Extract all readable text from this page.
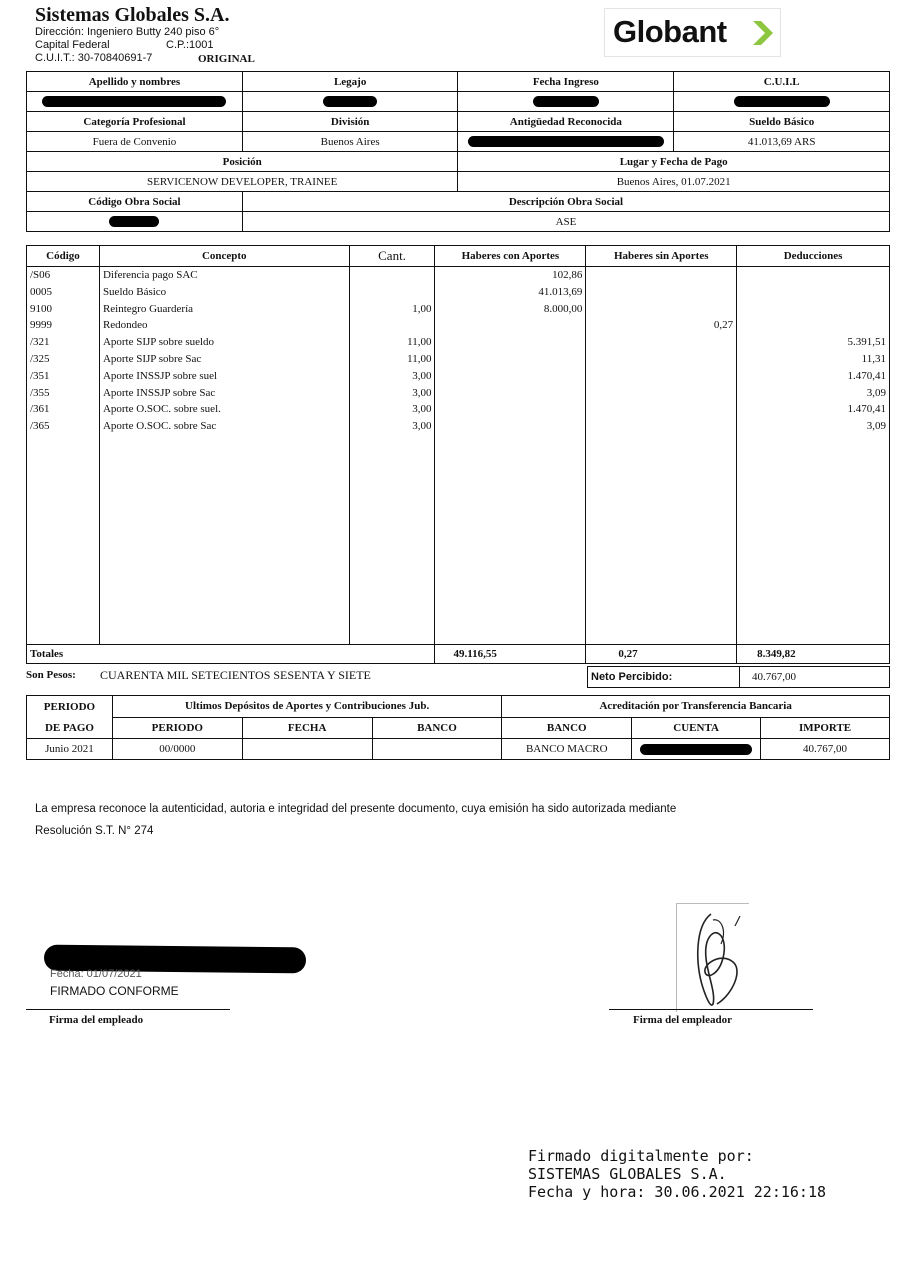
Sistemas Globales S.A.
Dirección: Ingeniero Butty 240 piso 6°
Capital Federal	C.P.:1001
C.U.I.T.: 30-70840691-7	ORIGINAL
Globant
Apellido y nombres	Legajo	Fecha Ingreso	C.U.I.L

Categoría Profesional	División	Antigüedad Reconocida	Sueldo Básico
Fuera de Convenio	Buenos Aires		41.013,69 ARS
Posición		Lugar y Fecha de Pago	
SERVICENOW DEVELOPER, TRAINEE		Buenos Aires, 01.07.2021	
Código Obra Social	Descripción Obra Social		
	ASE		
Código	Concepto	Cant.	Haberes con Aportes	Haberes sin Aportes	Deducciones
/S06	Diferencia pago SAC		102,86		
0005	Sueldo Básico		41.013,69		
9100	Reintegro Guardería	1,00	8.000,00		
9999	Redondeo			0,27	
/321	Aporte SIJP sobre sueldo	11,00			5.391,51
/325	Aporte SIJP sobre Sac	11,00			11,31
/351	Aporte INSSJP sobre suel	3,00			1.470,41
/355	Aporte INSSJP sobre Sac	3,00			3,09
/361	Aporte O.SOC. sobre suel.	3,00			1.470,41
/365	Aporte O.SOC. sobre Sac	3,00			3,09

Totales			49.116,55	0,27	8.349,82
Son Pesos: CUARENTA MIL SETECIENTOS SESENTA Y SIETE	Neto Percibido:	40.767,00
PERIODO	Ultimos Depósitos de Aportes y Contribuciones Jub.			Acreditación por Transferencia Bancaria		
DE PAGO	PERIODO	FECHA	BANCO	BANCO	CUENTA	IMPORTE
Junio 2021	00/0000			BANCO MACRO		40.767,00
La empresa reconoce la autenticidad, autoria e integridad del presente documento, cuya emisión ha sido autorizada mediante
Resolución S.T. N° 274
Fecha: 01/07/2021
FIRMADO CONFORME
Firma del empleado	Firma del empleador
Firmado digitalmente por:
SISTEMAS GLOBALES S.A.
Fecha y hora: 30.06.2021 22:16:18
